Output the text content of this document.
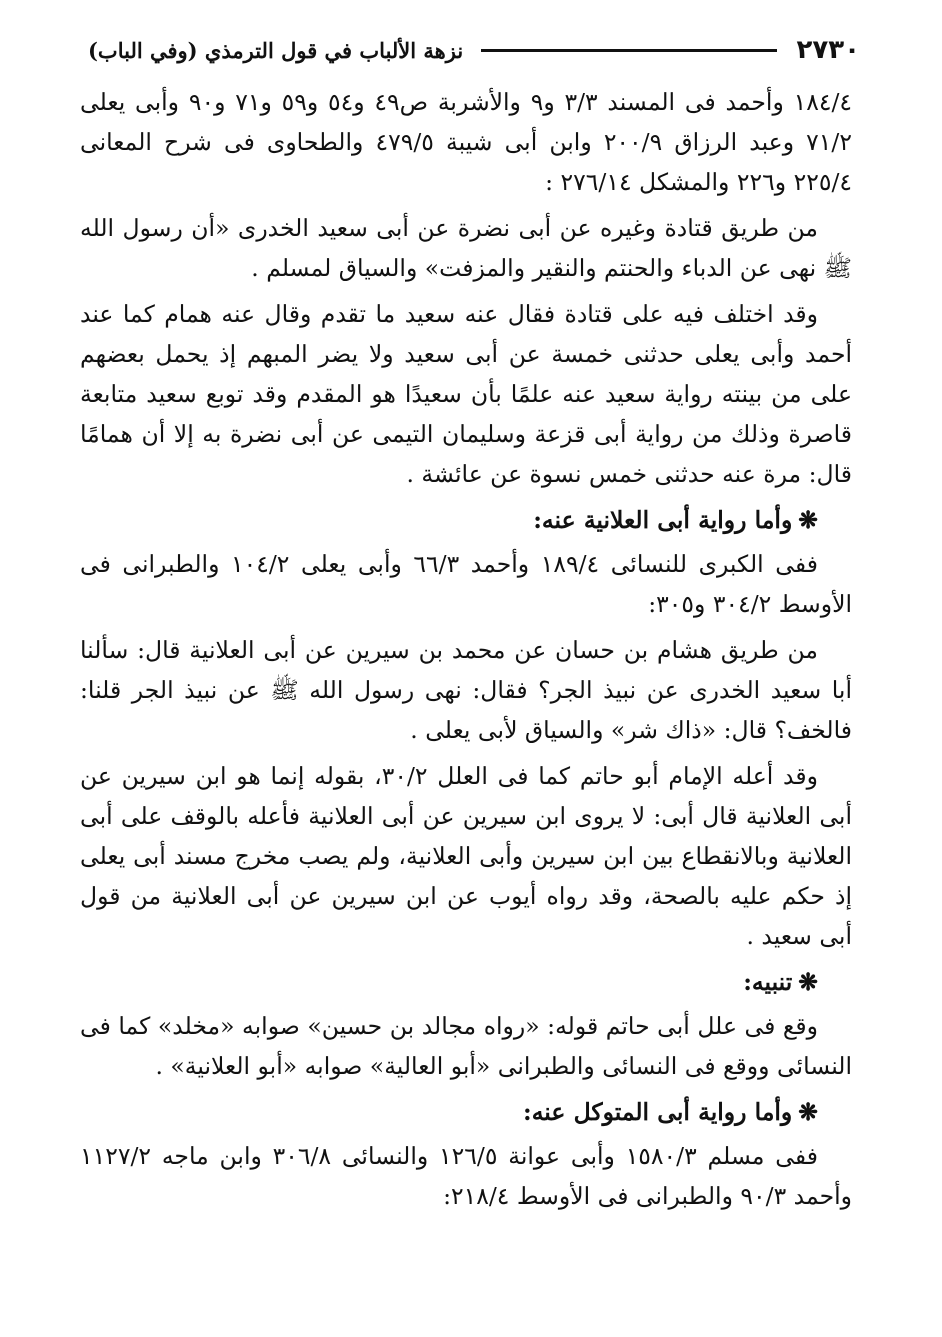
٢٧٣٠
نزهة الألباب في قول الترمذي (وفي الباب)

١٨٤/٤ وأحمد فى المسند ٣/٣ و٩ والأشربة ص٤٩ و٥٤ و٥٩ و٧١ و٩٠ وأبى يعلى ٧١/٢ وعبد الرزاق ٢٠٠/٩ وابن أبى شيبة ٤٧٩/٥ والطحاوى فى شرح المعانى ٢٢٥/٤ و٢٢٦ والمشكل ٢٧٦/١٤ :

من طريق قتادة وغيره عن أبى نضرة عن أبى سعيد الخدرى «أن رسول الله ﷺ نهى عن الدباء والحنتم والنقير والمزفت» والسياق لمسلم .

وقد اختلف فيه على قتادة فقال عنه سعيد ما تقدم وقال عنه همام كما عند أحمد وأبى يعلى حدثنى خمسة عن أبى سعيد ولا يضر المبهم إذ يحمل بعضهم على من بينته رواية سعيد عنه علمًا بأن سعيدًا هو المقدم وقد توبع سعيد متابعة قاصرة وذلك من رواية أبى قزعة وسليمان التيمى عن أبى نضرة به إلا أن همامًا قال: مرة عنه حدثنى خمس نسوة عن عائشة .

❋وأما رواية أبى العلانية عنه:

ففى الكبرى للنسائى ١٨٩/٤ وأحمد ٦٦/٣ وأبى يعلى ١٠٤/٢ والطبرانى فى الأوسط ٣٠٤/٢ و٣٠٥:

من طريق هشام بن حسان عن محمد بن سيرين عن أبى العلانية قال: سألنا أبا سعيد الخدرى عن نبيذ الجر؟ فقال: نهى رسول الله ﷺ عن نبيذ الجر قلنا: فالخف؟ قال: «ذاك شر» والسياق لأبى يعلى .

وقد أعله الإمام أبو حاتم كما فى العلل ٣٠/٢، بقوله إنما هو ابن سيرين عن أبى العلانية قال أبى: لا يروى ابن سيرين عن أبى العلانية فأعله بالوقف على أبى العلانية وبالانقطاع بين ابن سيرين وأبى العلانية، ولم يصب مخرج مسند أبى يعلى إذ حكم عليه بالصحة، وقد رواه أيوب عن ابن سيرين عن أبى العلانية من قول أبى سعيد .

❋تنبيه:

وقع فى علل أبى حاتم قوله: «رواه مجالد بن حسين» صوابه «مخلد» كما فى النسائى ووقع فى النسائى والطبرانى «أبو العالية» صوابه «أبو العلانية» .

❋وأما رواية أبى المتوكل عنه:

ففى مسلم ١٥٨٠/٣ وأبى عوانة ١٢٦/٥ والنسائى ٣٠٦/٨ وابن ماجه ١١٢٧/٢ وأحمد ٩٠/٣ والطبرانى فى الأوسط ٢١٨/٤:
